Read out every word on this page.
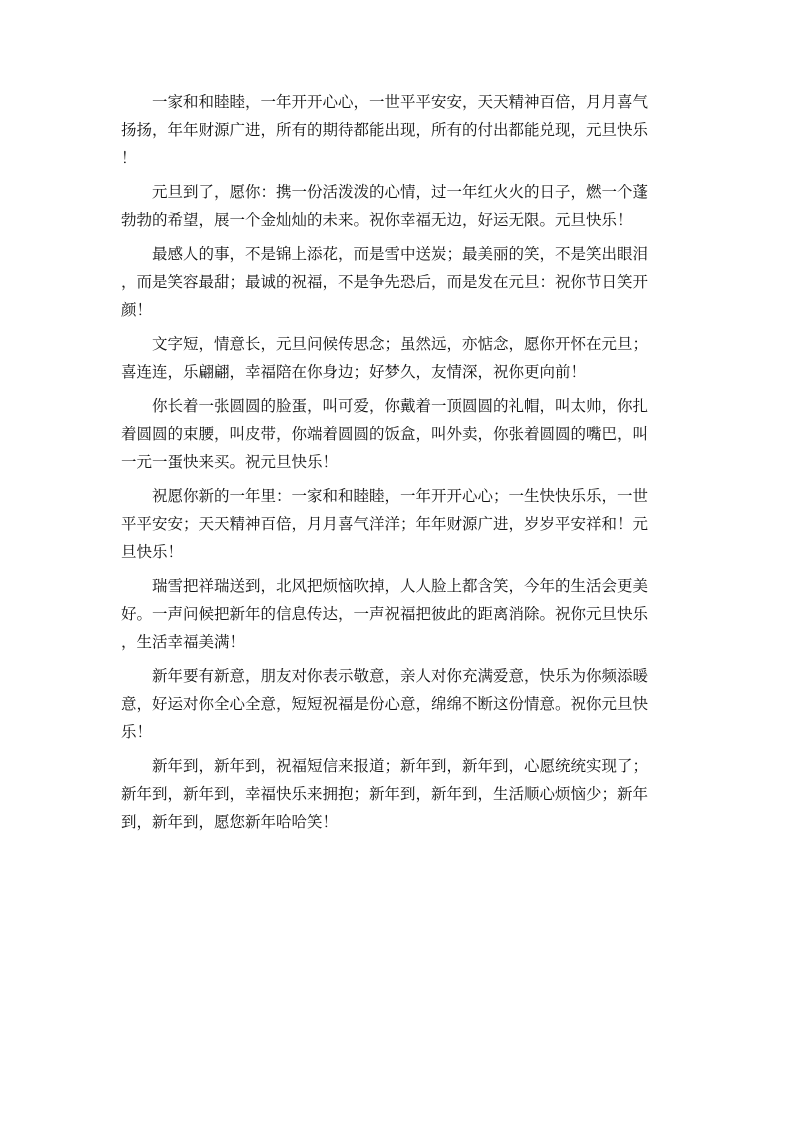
一家和和睦睦，一年开开心心，一世平平安安，天天精神百倍，月月喜气
扬扬，年年财源广进，所有的期待都能出现，所有的付出都能兑现，元旦快乐
！

元旦到了，愿你：携一份活泼泼的心情，过一年红火火的日子，燃一个蓬
勃勃的希望，展一个金灿灿的未来。祝你幸福无边，好运无限。元旦快乐！

最感人的事，不是锦上添花，而是雪中送炭；最美丽的笑，不是笑出眼泪
，而是笑容最甜；最诚的祝福，不是争先恐后，而是发在元旦：祝你节日笑开
颜！

文字短，情意长，元旦问候传思念；虽然远，亦惦念，愿你开怀在元旦；
喜连连，乐翩翩，幸福陪在你身边；好梦久，友情深，祝你更向前！

你长着一张圆圆的脸蛋，叫可爱，你戴着一顶圆圆的礼帽，叫太帅，你扎
着圆圆的束腰，叫皮带，你端着圆圆的饭盒，叫外卖，你张着圆圆的嘴巴，叫
一元一蛋快来买。祝元旦快乐！

祝愿你新的一年里：一家和和睦睦，一年开开心心；一生快快乐乐，一世
平平安安；天天精神百倍，月月喜气洋洋；年年财源广进，岁岁平安祥和！元
旦快乐！

瑞雪把祥瑞送到，北风把烦恼吹掉，人人脸上都含笑，今年的生活会更美
好。一声问候把新年的信息传达，一声祝福把彼此的距离消除。祝你元旦快乐
，生活幸福美满！

新年要有新意，朋友对你表示敬意，亲人对你充满爱意，快乐为你频添暖
意，好运对你全心全意，短短祝福是份心意，绵绵不断这份情意。祝你元旦快
乐！

新年到，新年到，祝福短信来报道；新年到，新年到，心愿统统实现了；
新年到，新年到，幸福快乐来拥抱；新年到，新年到，生活顺心烦恼少；新年
到，新年到，愿您新年哈哈笑！
